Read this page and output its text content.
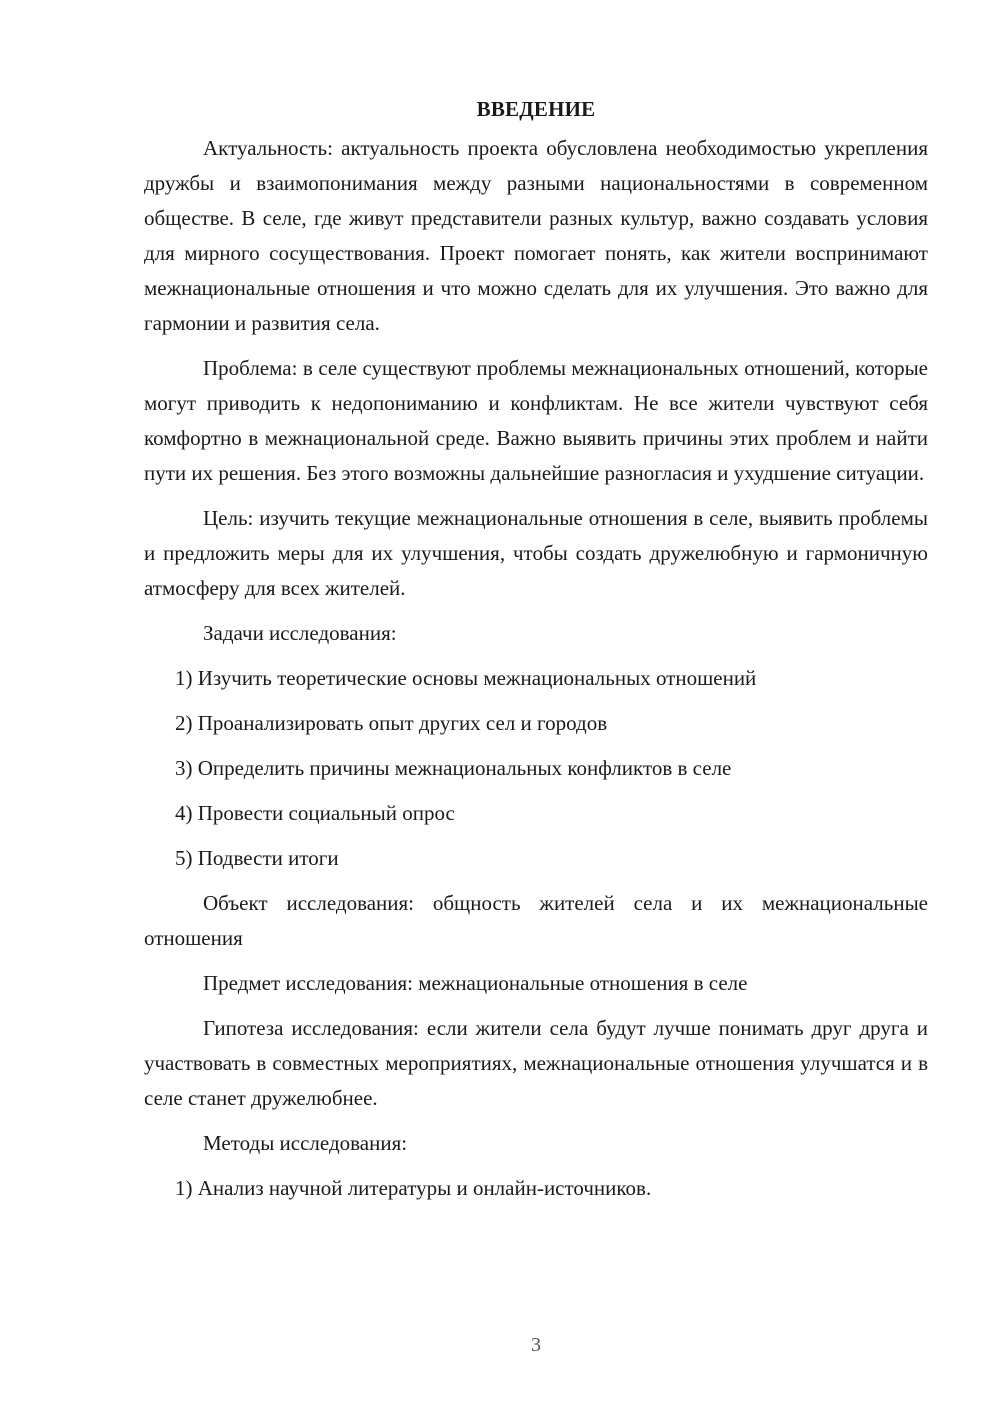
ВВЕДЕНИЕ

Актуальность: актуальность проекта обусловлена необходимостью укрепления дружбы и взаимопонимания между разными национальностями в современном обществе. В селе, где живут представители разных культур, важно создавать условия для мирного сосуществования. Проект помогает понять, как жители воспринимают межнациональные отношения и что можно сделать для их улучшения. Это важно для гармонии и развития села.

Проблема: в селе существуют проблемы межнациональных отношений, которые могут приводить к недопониманию и конфликтам. Не все жители чувствуют себя комфортно в межнациональной среде. Важно выявить причины этих проблем и найти пути их решения. Без этого возможны дальнейшие разногласия и ухудшение ситуации.

Цель: изучить текущие межнациональные отношения в селе, выявить проблемы и предложить меры для их улучшения, чтобы создать дружелюбную и гармоничную атмосферу для всех жителей.

Задачи исследования:

1) Изучить теоретические основы межнациональных отношений

2) Проанализировать опыт других сел и городов

3) Определить причины межнациональных конфликтов в селе

4) Провести социальный опрос

5) Подвести итоги

Объект исследования: общность жителей села и их межнациональные отношения

Предмет исследования: межнациональные отношения в селе

Гипотеза исследования: если жители села будут лучше понимать друг друга и участвовать в совместных мероприятиях, межнациональные отношения улучшатся и в селе станет дружелюбнее.

Методы исследования:

1) Анализ научной литературы и онлайн-источников.

3
